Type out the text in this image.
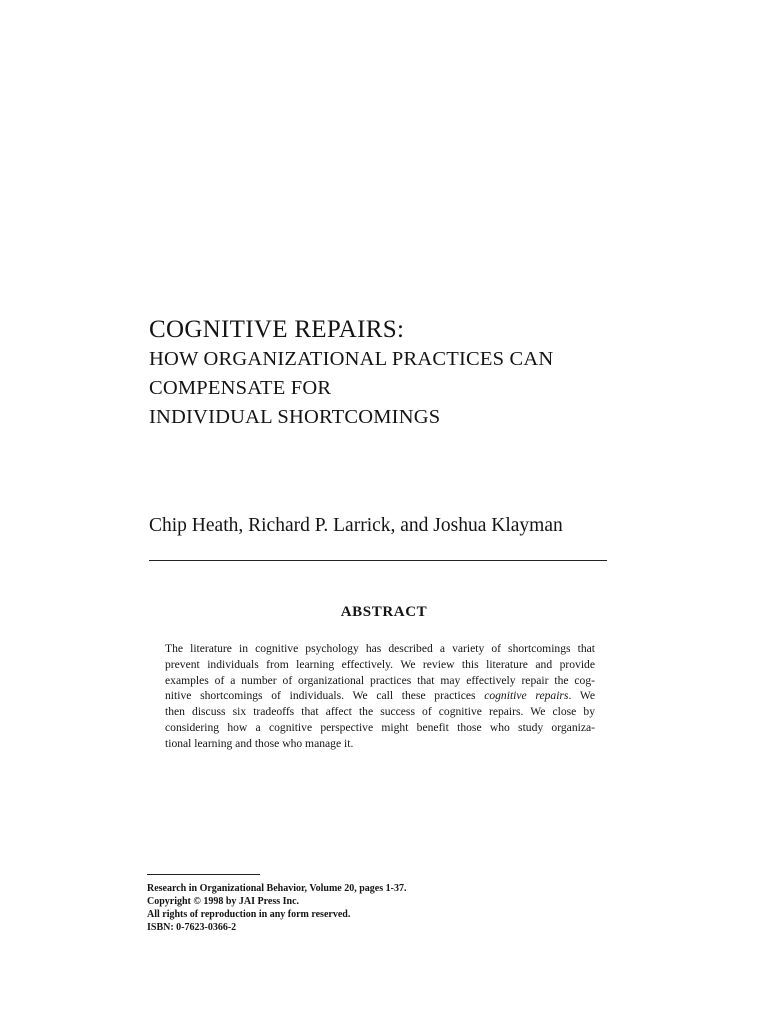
COGNITIVE REPAIRS:
HOW ORGANIZATIONAL PRACTICES CAN
COMPENSATE FOR
INDIVIDUAL SHORTCOMINGS
Chip Heath, Richard P. Larrick, and Joshua Klayman
ABSTRACT
The literature in cognitive psychology has described a variety of shortcomings that
prevent individuals from learning effectively. We review this literature and provide
examples of a number of organizational practices that may effectively repair the cog-
nitive shortcomings of individuals. We call these practices cognitive repairs. We
then discuss six tradeoffs that affect the success of cognitive repairs. We close by
considering how a cognitive perspective might benefit those who study organiza-
tional learning and those who manage it.
Research in Organizational Behavior, Volume 20, pages 1-37.
Copyright © 1998 by JAI Press Inc.
All rights of reproduction in any form reserved.
ISBN: 0-7623-0366-2
